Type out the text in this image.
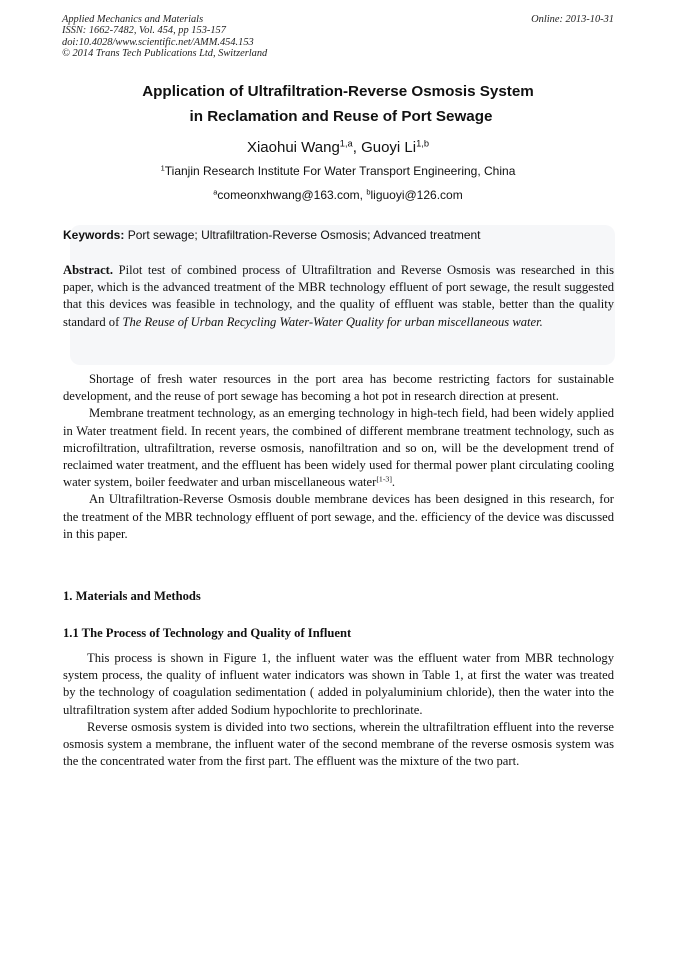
Applied Mechanics and Materials
ISSN: 1662-7482, Vol. 454, pp 153-157
doi:10.4028/www.scientific.net/AMM.454.153
© 2014 Trans Tech Publications Ltd, Switzerland
Online: 2013-10-31
Application of Ultrafiltration-Reverse Osmosis System
in Reclamation and Reuse of Port Sewage
Xiaohui Wang$^{1,a}$, Guoyi Li$^{1,b}$
$^1$Tianjin Research Institute For Water Transport Engineering, China
$^a$comeonxhwang@163.com, $^b$liguoyi@126.com
Keywords: Port sewage; Ultrafiltration-Reverse Osmosis; Advanced treatment

Abstract. Pilot test of combined process of Ultrafiltration and Reverse Osmosis was researched in this paper, which is the advanced treatment of the MBR technology effluent of port sewage, the result suggested that this devices was feasible in technology, and the quality of effluent was stable, better than the quality standard of The Reuse of Urban Recycling Water-Water Quality for urban miscellaneous water.

Shortage of fresh water resources in the port area has become restricting factors for sustainable development, and the reuse of port sewage has becoming a hot pot in research direction at present.

Membrane treatment technology, as an emerging technology in high-tech field, had been widely applied in Water treatment field. In recent years, the combined of different membrane treatment technology, such as microfiltration, ultrafiltration, reverse osmosis, nanofiltration and so on, will be the development trend of reclaimed water treatment, and the effluent has been widely used for thermal power plant circulating cooling water system, boiler feedwater and urban miscellaneous water[1-3].

An Ultrafiltration-Reverse Osmosis double membrane devices has been designed in this research, for the treatment of the MBR technology effluent of port sewage, and the. efficiency of the device was discussed in this paper.

1. Materials and Methods
1.1 The Process of Technology and Quality of Influent

This process is shown in Figure 1, the influent water was the effluent water from MBR technology system process, the quality of influent water indicators was shown in Table 1, at first the water was treated by the technology of coagulation sedimentation ( added in polyaluminium chloride), then the water into the ultrafiltration system after added Sodium hypochlorite to prechlorinate.

Reverse osmosis system is divided into two sections, wherein the ultrafiltration effluent into the reverse osmosis system a membrane, the influent water of the second membrane of the reverse osmosis system was the the concentrated water from the first part. The effluent was the mixture of the two part.
